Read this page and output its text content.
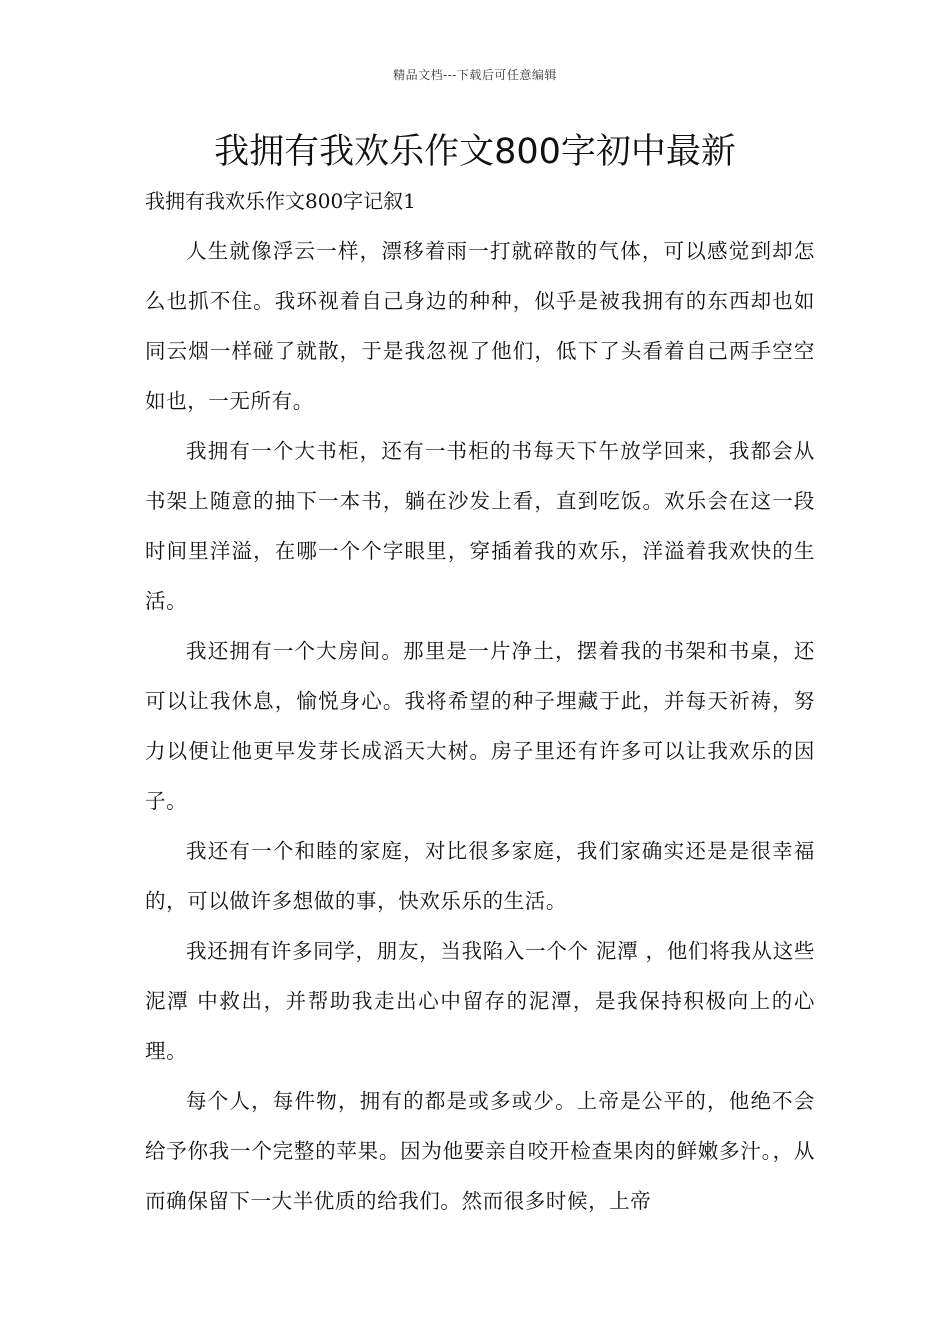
精品文档---下载后可任意编辑
我拥有我欢乐作文800字初中最新

我拥有我欢乐作文800字记叙1

人生就像浮云一样，漂移着雨一打就碎散的气体，可以感觉到却怎么也抓不住。我环视着自己身边的种种，似乎是被我拥有的东西却也如同云烟一样碰了就散，于是我忽视了他们，低下了头看着自己两手空空如也，一无所有。

我拥有一个大书柜，还有一书柜的书每天下午放学回来，我都会从书架上随意的抽下一本书，躺在沙发上看，直到吃饭。欢乐会在这一段时间里洋溢，在哪一个个字眼里，穿插着我的欢乐，洋溢着我欢快的生活。

我还拥有一个大房间。那里是一片净土，摆着我的书架和书桌，还可以让我休息，愉悦身心。我将希望的种子埋藏于此，并每天祈祷，努力以便让他更早发芽长成滔天大树。房子里还有许多可以让我欢乐的因子。

我还有一个和睦的家庭，对比很多家庭，我们家确实还是是很幸福的，可以做许多想做的事，快欢乐乐的生活。

我还拥有许多同学，朋友，当我陷入一个个 泥潭 ，他们将我从这些 泥潭 中救出，并帮助我走出心中留存的泥潭，是我保持积极向上的心理。

每个人，每件物，拥有的都是或多或少。上帝是公平的，他绝不会给予你我一个完整的苹果。因为他要亲自咬开检查果肉的鲜嫩多汁。，从而确保留下一大半优质的给我们。然而很多时候，上帝
